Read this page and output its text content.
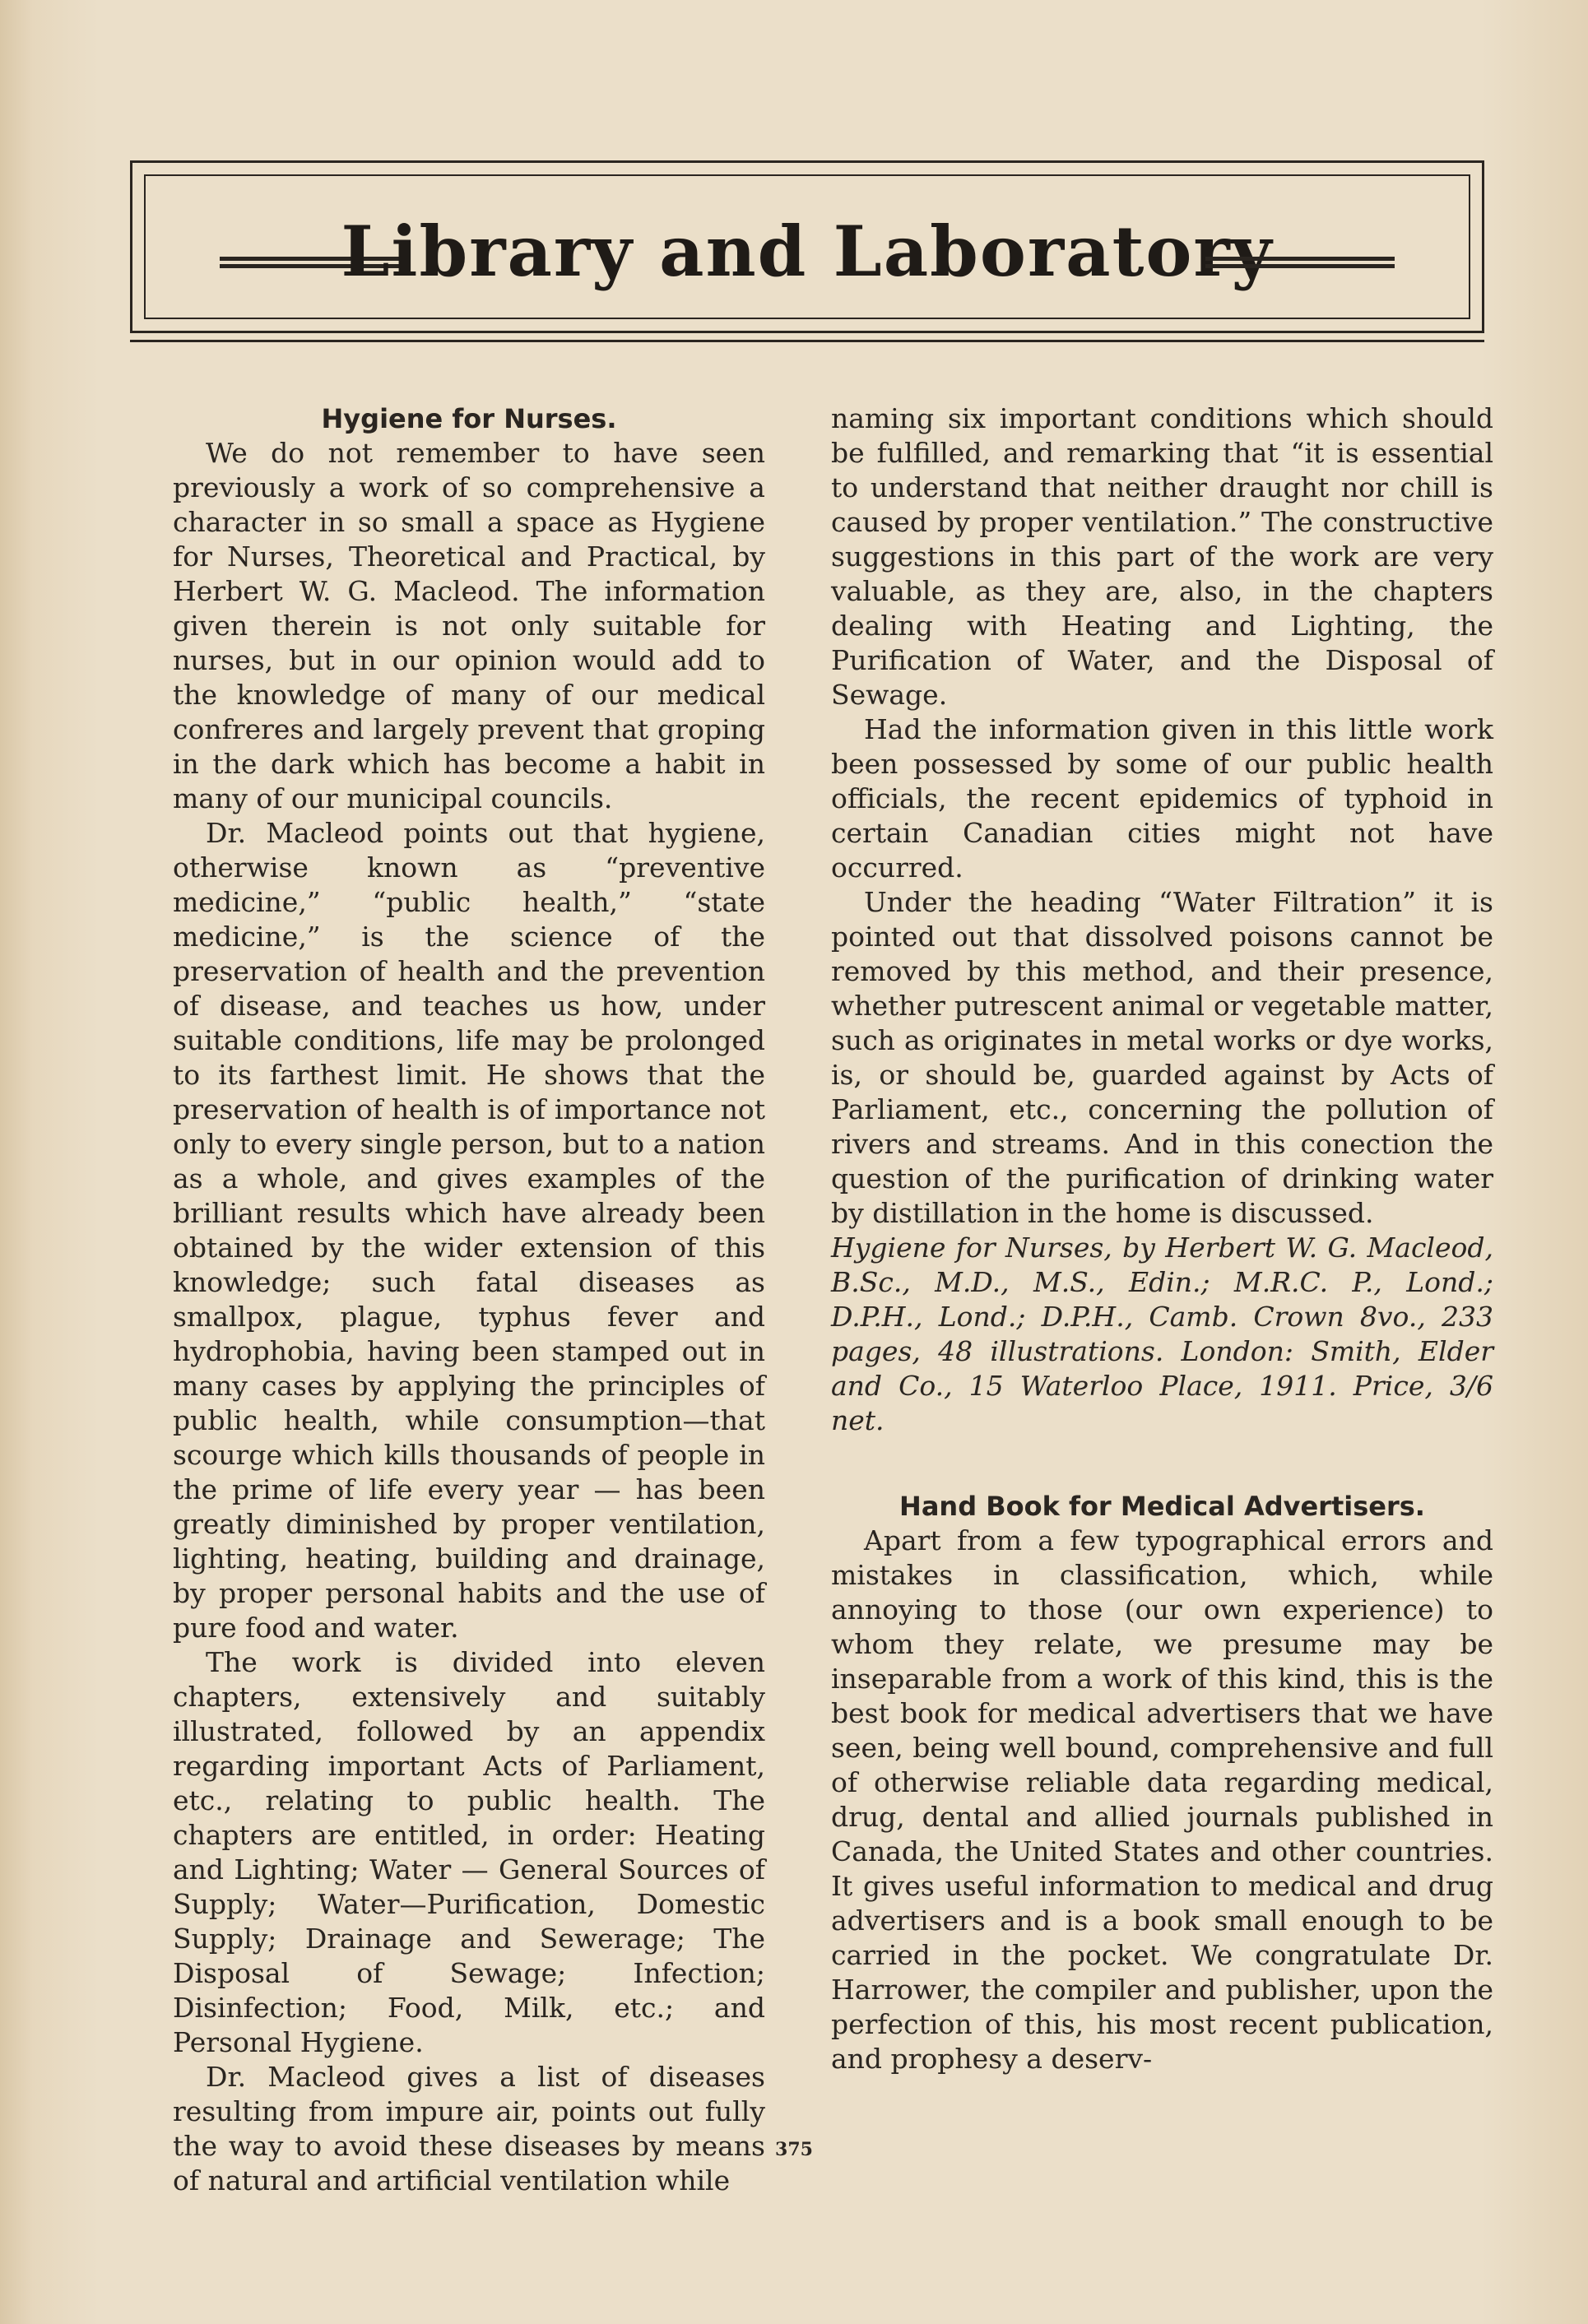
Library and Laboratory

Hygiene for Nurses.

We do not remember to have seen previously a work of so comprehensive a character in so small a space as Hygiene for Nurses, Theoretical and Practical, by Herbert W. G. Macleod. The information given therein is not only suitable for nurses, but in our opinion would add to the knowledge of many of our medical confreres and largely prevent that groping in the dark which has become a habit in many of our municipal councils.

Dr. Macleod points out that hygiene, otherwise known as “preventive medicine,” “public health,” “state medicine,” is the science of the preservation of health and the prevention of disease, and teaches us how, under suitable conditions, life may be prolonged to its farthest limit. He shows that the preservation of health is of importance not only to every single person, but to a nation as a whole, and gives examples of the brilliant results which have already been obtained by the wider extension of this knowledge; such fatal diseases as smallpox, plague, typhus fever and hydrophobia, having been stamped out in many cases by applying the principles of public health, while consumption—that scourge which kills thousands of people in the prime of life every year — has been greatly diminished by proper ventilation, lighting, heating, building and drainage, by proper personal habits and the use of pure food and water.

The work is divided into eleven chapters, extensively and suitably illustrated, followed by an appendix regarding important Acts of Parliament, etc., relating to public health. The chapters are entitled, in order: Heating and Lighting; Water — General Sources of Supply; Water—Purification, Domestic Supply; Drainage and Sewerage; The Disposal of Sewage; Infection; Disinfection; Food, Milk, etc.; and Personal Hygiene.

Dr. Macleod gives a list of diseases resulting from impure air, points out fully the way to avoid these diseases by means of natural and artificial ventilation while

naming six important conditions which should be fulfilled, and remarking that “it is essential to understand that neither draught nor chill is caused by proper ventilation.” The constructive suggestions in this part of the work are very valuable, as they are, also, in the chapters dealing with Heating and Lighting, the Purification of Water, and the Disposal of Sewage.

Had the information given in this little work been possessed by some of our public health officials, the recent epidemics of typhoid in certain Canadian cities might not have occurred.

Under the heading “Water Filtration” it is pointed out that dissolved poisons cannot be removed by this method, and their presence, whether putrescent animal or vegetable matter, such as originates in metal works or dye works, is, or should be, guarded against by Acts of Parliament, etc., concerning the pollution of rivers and streams. And in this conection the question of the purification of drinking water by distillation in the home is discussed.

Hygiene for Nurses, by Herbert W. G. Macleod, B.Sc., M.D., M.S., Edin.; M.R.C. P., Lond.; D.P.H., Lond.; D.P.H., Camb. Crown 8vo., 233 pages, 48 illustrations. London: Smith, Elder and Co., 15 Waterloo Place, 1911. Price, 3/6 net.

Hand Book for Medical Advertisers.

Apart from a few typographical errors and mistakes in classification, which, while annoying to those (our own experience) to whom they relate, we presume may be inseparable from a work of this kind, this is the best book for medical advertisers that we have seen, being well bound, comprehensive and full of otherwise reliable data regarding medical, drug, dental and allied journals published in Canada, the United States and other countries. It gives useful information to medical and drug advertisers and is a book small enough to be carried in the pocket. We congratulate Dr. Harrower, the compiler and publisher, upon the perfection of this, his most recent publication, and prophesy a deserv-

375
